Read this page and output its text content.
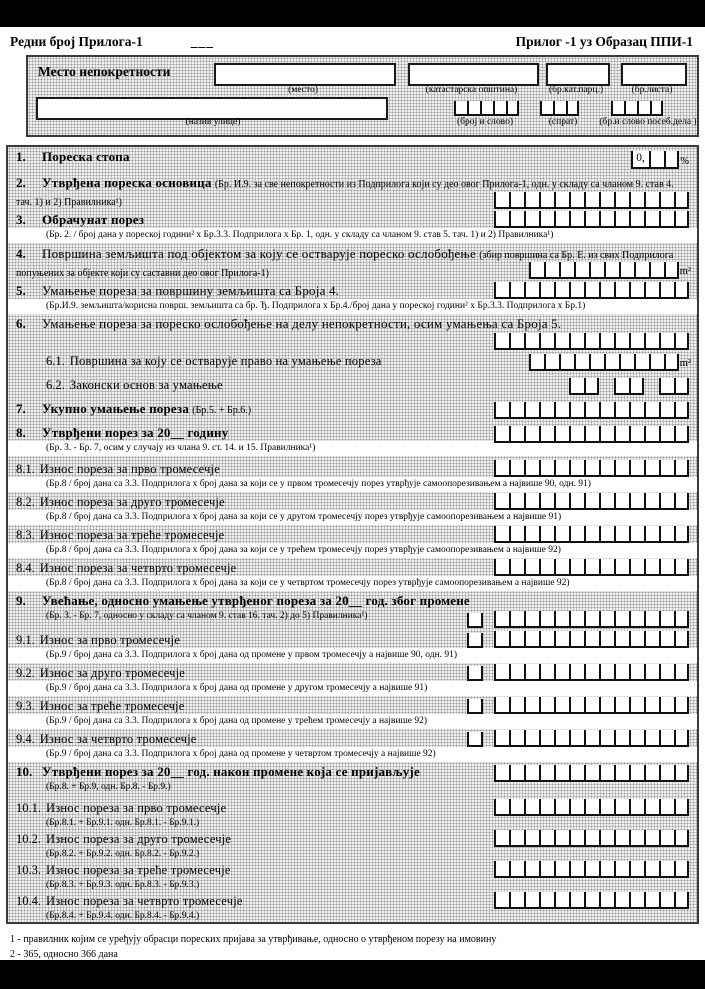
Редни број Прилога-1	___	Прилог -1 уз Образац ППИ-1
Место непокретности
(место)	(катастарска општина)	(бр.кат.парц.)	(бр.листа)
(назив улице)	(број и слово)	(спрат)	(бр.и слово посеб.дела )
1. Пореска стопа	0,	%
2. Утврђена пореска основица (Бр. И.9. за све непокретности из Подприлога који су део овог Прилога-1, одн. у складу са чланом 9. став 4. тач. 1) и 2) Правилника¹)
3. Обрачунат порез
(Бр. 2. / број дана у пореској години² х Бр.3.3. Подприлога х Бр. 1, одн. у складу са чланом 9. став 5. тач. 1) и 2) Правилника¹)
4. Површина земљишта под објектом за коју се остварује пореско ослобођење (збир површина са Бр. Е. из свих Подприлога попуњених за објекте који су саставни део овог Прилога-1)	m²
5. Умањење пореза за површину земљишта са Броја 4.
(Бр.И.9. земљишта/корисна површ. земљишта са бр. Ђ. Подприлога х Бр.4./број дана у пореској години² х Бр.3.3. Подприлога х Бр.1)
6. Умањење пореза за пореско ослобођење на делу непокретности, осим умањења са Броја 5.
6.1. Површина за коју се остварује право на умањење пореза	m²
6.2. Законски основ за умањење
7. Укупно умањење пореза (Бр.5. + Бр.6.)
8. Утврђени порез за 20__ годину
(Бр. 3. - Бр. 7, осим у случају из члана 9. ст. 14. и 15. Правилника¹)
8.1. Износ пореза за прво тромесечје
(Бр.8 / број дана са 3.3. Подприлога х број дана за који се у првом тромесечју порез утврђује самоопорезивањем а највише 90, одн. 91)
8.2. Износ пореза за друго тромесечје
(Бр.8 / број дана са 3.3. Подприлога х број дана за који се у другом тромесечју порез утврђује самоопорезивањем а највише 91)
8.3. Износ пореза за треће тромесечје
(Бр.8 / број дана са 3.3. Подприлога х број дана за који се у трећем тромесечју порез утврђује самоопорезивањем а највише 92)
8.4. Износ пореза за четврто тромесечје
(Бр.8 / број дана са 3.3. Подприлога х број дана за који се у четвртом тромесечју порез утврђује самоопорезивањем а највише 92)
9. Увећање, односно умањење утврђеног пореза за 20__ год. због промене
(Бр. 3. - Бр. 7, односно у складу са чланом 9. став 16. тач. 2) до 5) Правилника¹)
9.1. Износ за прво тромесечје
(Бр.9 / број дана са 3.3. Подприлога х број дана од промене у првом тромесечју а највише 90, одн. 91)
9.2. Износ за друго тромесечје
(Бр.9 / број дана са 3.3. Подприлога х број дана од промене у другом тромесечју а највише 91)
9.3. Износ за треће тромесечје
(Бр.9 / број дана са 3.3. Подприлога х број дана од промене у трећем тромесечју а највише 92)
9.4. Износ за четврто тромесечје
(Бр.9 / број дана са 3.3. Подприлога х број дана од промене у четвртом тромесечју а највише 92)
10. Утврђени порез за 20__ год. након промене која се пријављује
(Бр.8. + Бр.9, одн. Бр.8. - Бр.9.)
10.1. Износ пореза за прво тромесечје
(Бр.8.1. + Бр.9.1. одн. Бр.8.1. - Бр.9.1.)
10.2. Износ пореза за друго тромесечје
(Бр.8.2. + Бр.9.2. одн. Бр.8.2. - Бр.9.2.)
10.3. Износ пореза за треће тромесечје
(Бр.8.3. + Бр.9.3. одн. Бр.8.3. - Бр.9.3.)
10.4. Износ пореза за четврто тромесечје
(Бр.8.4. + Бр.9.4. одн. Бр.8.4. - Бр.9.4.)
1 - правилник којим се уређују обрасци пореских пријава за утврђивање, односно о утврђеном порезу на имовину
2 - 365, односно 366 дана
